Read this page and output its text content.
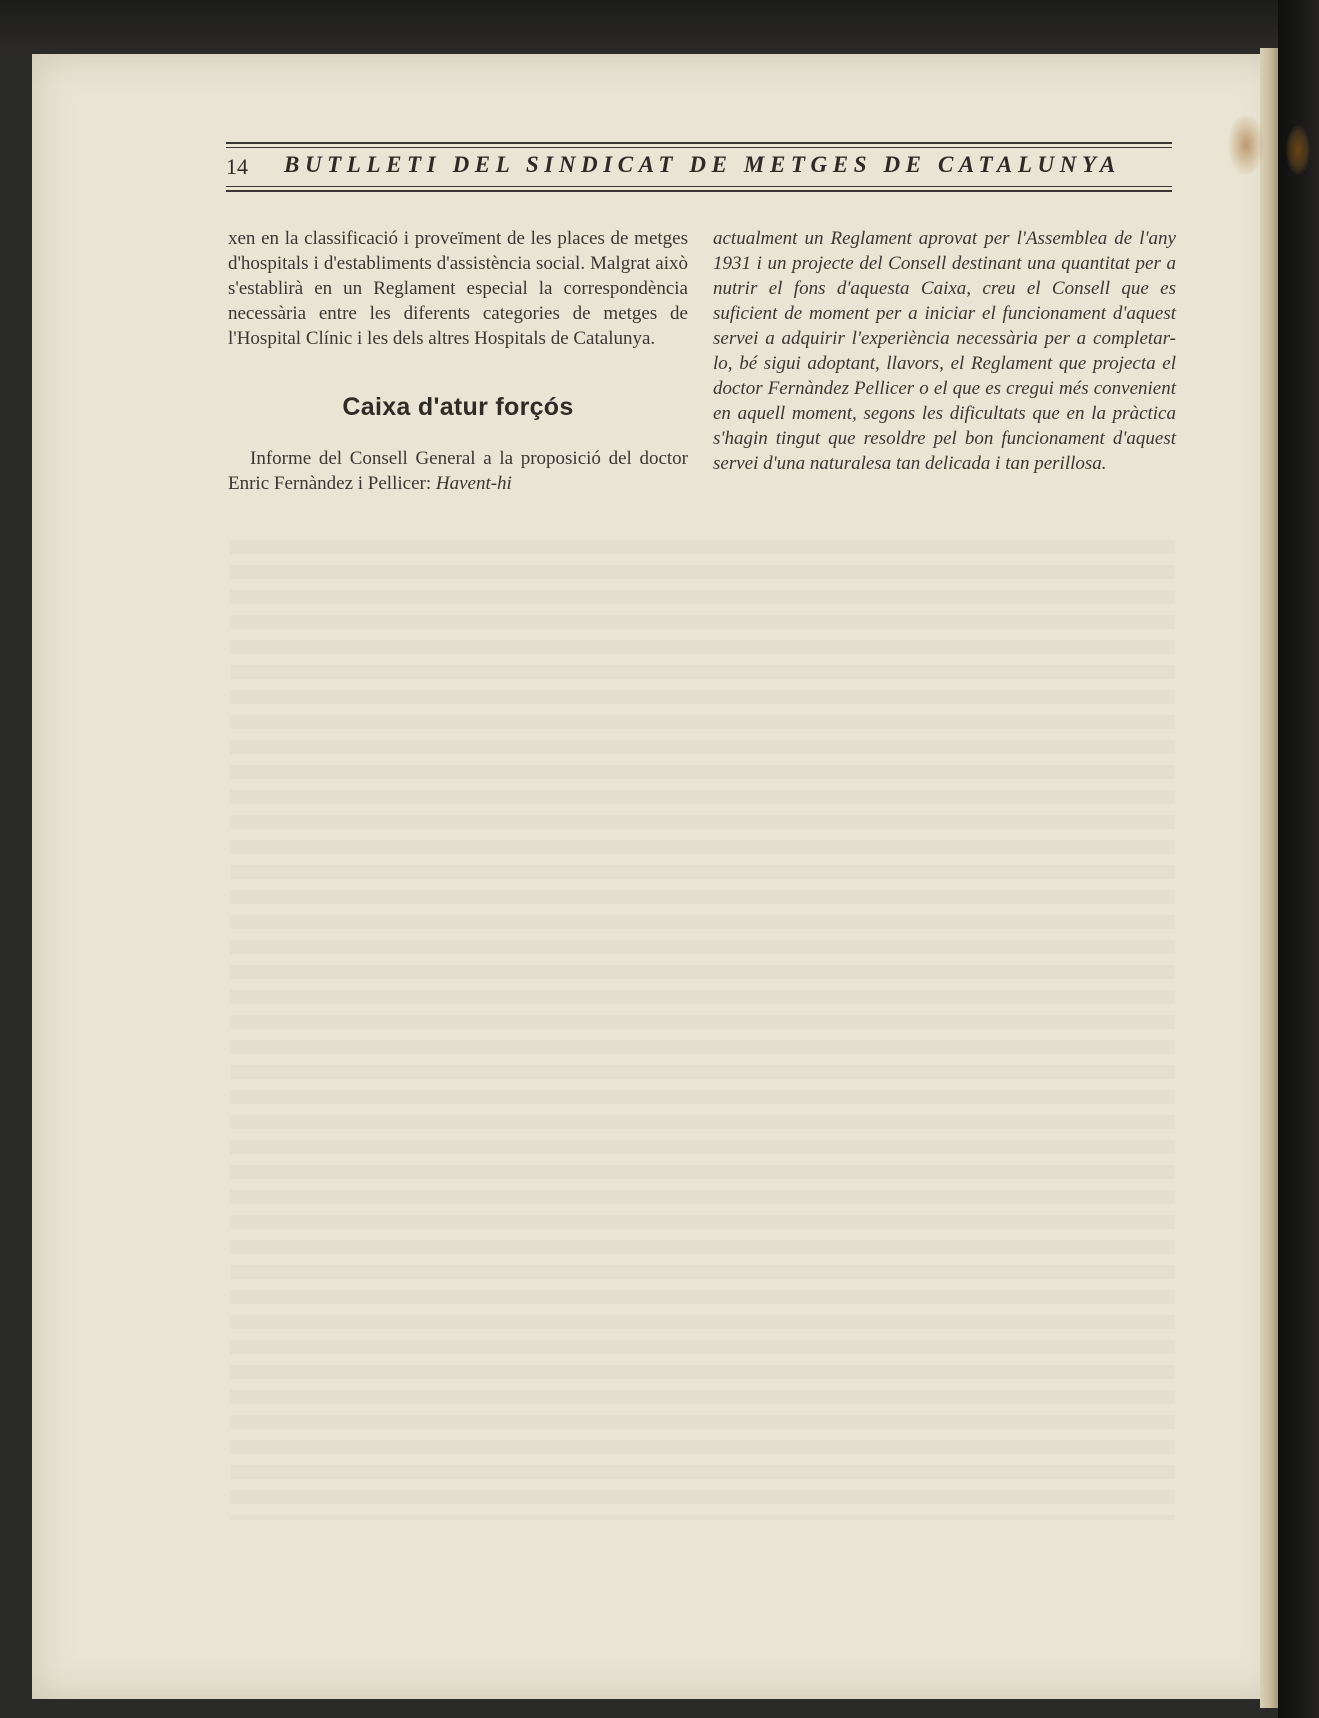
14 BUTLLETI DEL SINDICAT DE METGES DE CATALUNYA

xen en la classificació i proveïment de les places de metges d'hospitals i d'establiments d'assistència social. Malgrat això s'establirà en un Reglament especial la correspondència necessària entre les diferents categories de metges de l'Hospital Clínic i les dels altres Hospitals de Catalunya.

Caixa d'atur forçós

Informe del Consell General a la proposició del doctor Enric Fernàndez i Pellicer: Havent-hi

actualment un Reglament aprovat per l'Assemblea de l'any 1931 i un projecte del Consell destinant una quantitat per a nutrir el fons d'aquesta Caixa, creu el Consell que es suficient de moment per a iniciar el funcionament d'aquest servei a adquirir l'experiència necessària per a completar-lo, bé sigui adoptant, llavors, el Reglament que projecta el doctor Fernàndez Pellicer o el que es cregui més convenient en aquell moment, segons les dificultats que en la pràctica s'hagin tingut que resoldre pel bon funcionament d'aquest servei d'una naturalesa tan delicada i tan perillosa.
